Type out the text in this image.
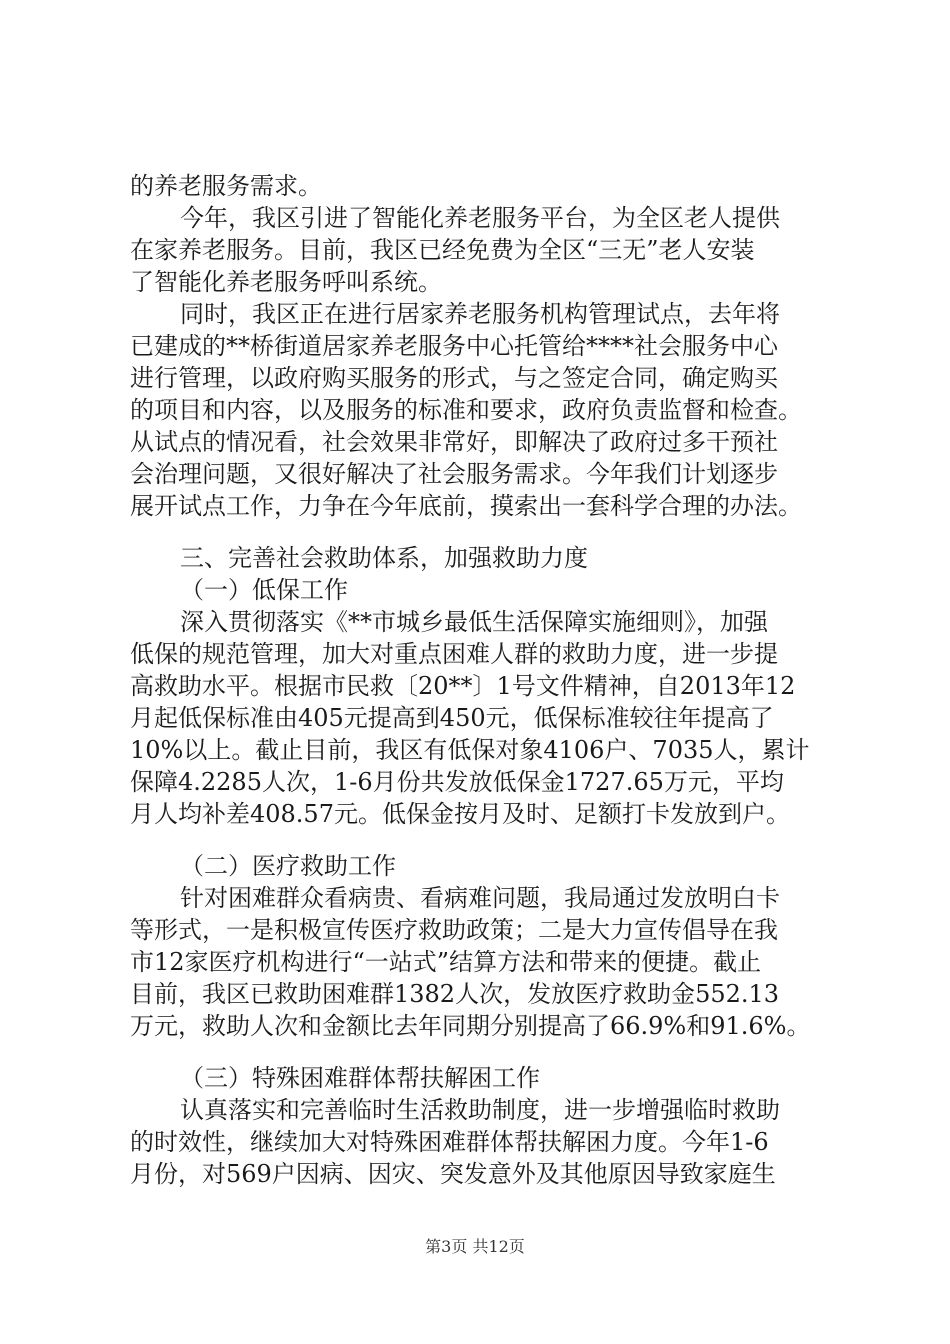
的养老服务需求。
今年，我区引进了智能化养老服务平台，为全区老人提供
在家养老服务。目前，我区已经免费为全区“三无”老人安装
了智能化养老服务呼叫系统。
同时，我区正在进行居家养老服务机构管理试点，去年将
已建成的**桥街道居家养老服务中心托管给****社会服务中心
进行管理，以政府购买服务的形式，与之签定合同，确定购买
的项目和内容，以及服务的标准和要求，政府负责监督和检查。
从试点的情况看，社会效果非常好，即解决了政府过多干预社
会治理问题，又很好解决了社会服务需求。今年我们计划逐步
展开试点工作，力争在今年底前，摸索出一套科学合理的办法。
三、完善社会救助体系，加强救助力度
（一）低保工作
深入贯彻落实《**市城乡最低生活保障实施细则》，加强
低保的规范管理，加大对重点困难人群的救助力度，进一步提
高救助水平。根据市民救〔20**〕1号文件精神，自2013年12
月起低保标准由405元提高到450元，低保标准较往年提高了
10%以上。截止目前，我区有低保对象4106户、7035人，累计
保障4.2285人次，1-6月份共发放低保金1727.65万元，平均
月人均补差408.57元。低保金按月及时、足额打卡发放到户。
（二）医疗救助工作
针对困难群众看病贵、看病难问题，我局通过发放明白卡
等形式，一是积极宣传医疗救助政策；二是大力宣传倡导在我
市12家医疗机构进行“一站式”结算方法和带来的便捷。截止
目前，我区已救助困难群1382人次，发放医疗救助金552.13
万元，救助人次和金额比去年同期分别提高了66.9%和91.6%。
（三）特殊困难群体帮扶解困工作
认真落实和完善临时生活救助制度，进一步增强临时救助
的时效性，继续加大对特殊困难群体帮扶解困力度。今年1-6
月份，对569户因病、因灾、突发意外及其他原因导致家庭生
第3页 共12页
